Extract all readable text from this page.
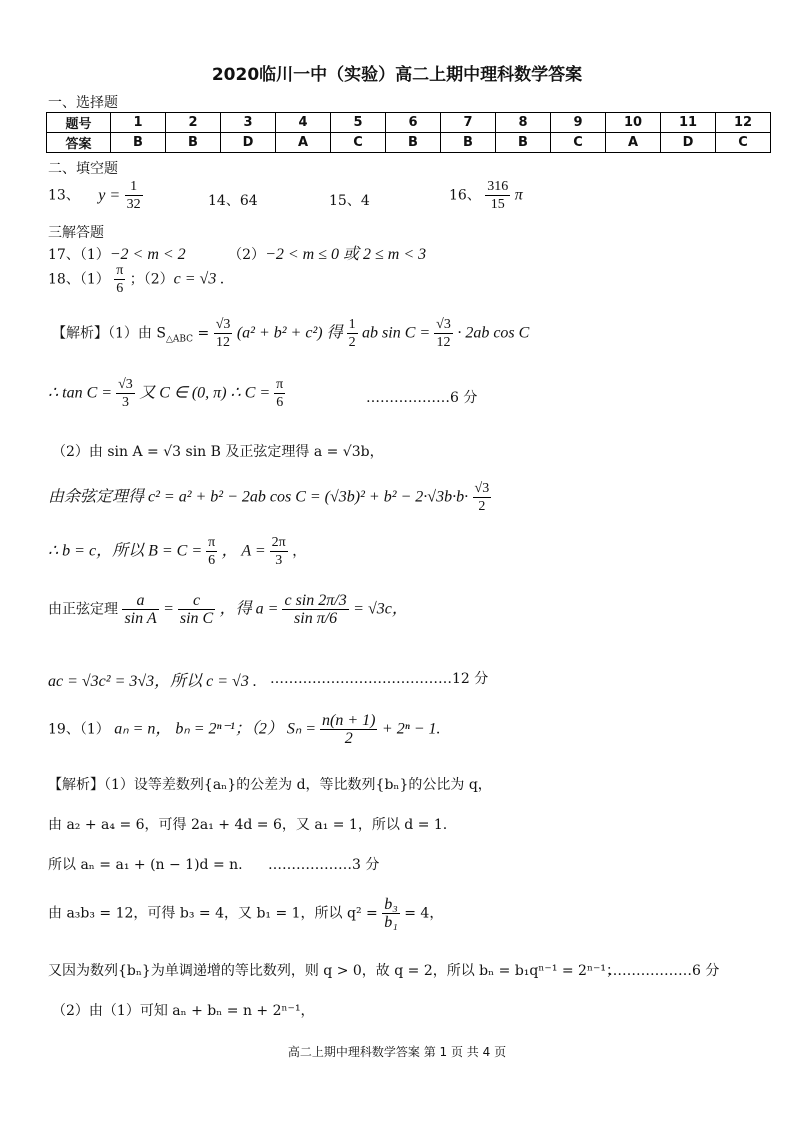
2020临川一中（实验）高二上期中理科数学答案
一、选择题
题号	1	2	3	4	5	6	7	8	9	10	11	12
答案	B	B	D	A	C	B	B	B	C	A	D	C
二、填空题
13、 $y = \frac{1}{32}$	14、64	15、4	16、 $\frac{316}{15}$ π
三解答题
17、（1）−2 < m < 2	（2）−2 < m ≤ 0 或 2 ≤ m < 3
18、$(1) \frac{\pi}{6}$ ；（2）c = √3 .
【解析】（1）由 $S_{\triangle ABC} = \frac{√3}{12} (a^2 + b^2 + c^2)$ 得 $\frac{1}{2}$ ab $\sin C = \frac{√3}{12} \cdot 2ab$ cos C
∴ $\tan C = \frac{√3}{3}$ 又 C ∈ (0, π) ∴ $C = \frac{\pi}{6}$	………………6 分
（2）由 sin A = √3 sin B 及正弦定理得 a = √3b，
由余弦定理得 c² = a² + b² − 2ab $\cos C = (√3b)^2 + b^2 - 2\cdot√3b\cdot b\cdot \frac{√3}{2}$
∴ b = c，所以 $B = C = \frac{\pi}{6}$ ， $A = \frac{2\pi}{3}$ ，
由正弦定理 $\frac{a}{\text{sin A}} = \frac{c}{\text{sin C}}$ ，得 $a = \frac{\text{c sin 2π/3}}{\text{sin π/6}} = √3c$，
ac = √3c² = 3√3，所以 c = √3 . …………………………………12 分
19、（1） aₙ = n， bₙ = 2ⁿ⁻¹；（2） $S_n = \frac{n(n + 1)}{2} + 2^n - 1$.
【解析】（1）设等差数列{aₙ}的公差为 d，等比数列{bₙ}的公比为 q，
由 a₂ + a₄ = 6，可得 2a₁ + 4d = 6，又 a₁ = 1，所以 d = 1.
所以 aₙ = a₁ + (n − 1)d = n. ………………3 分
由 a₃b₃ = 12，可得 b₃ = 4，又 b₁ = 1，所以 $q^2 = \frac{\text{b₃}}{\text{b₁}} = 4$，
又因为数列{bₙ}为单调递增的等比数列，则 q > 0，故 q = 2，所以 bₙ = b₁qⁿ⁻¹ = 2ⁿ⁻¹；
………………6 分
（2）由（1）可知 aₙ + bₙ = n + 2ⁿ⁻¹，
高二上期中理科数学答案 第 1 页 共 4 页
